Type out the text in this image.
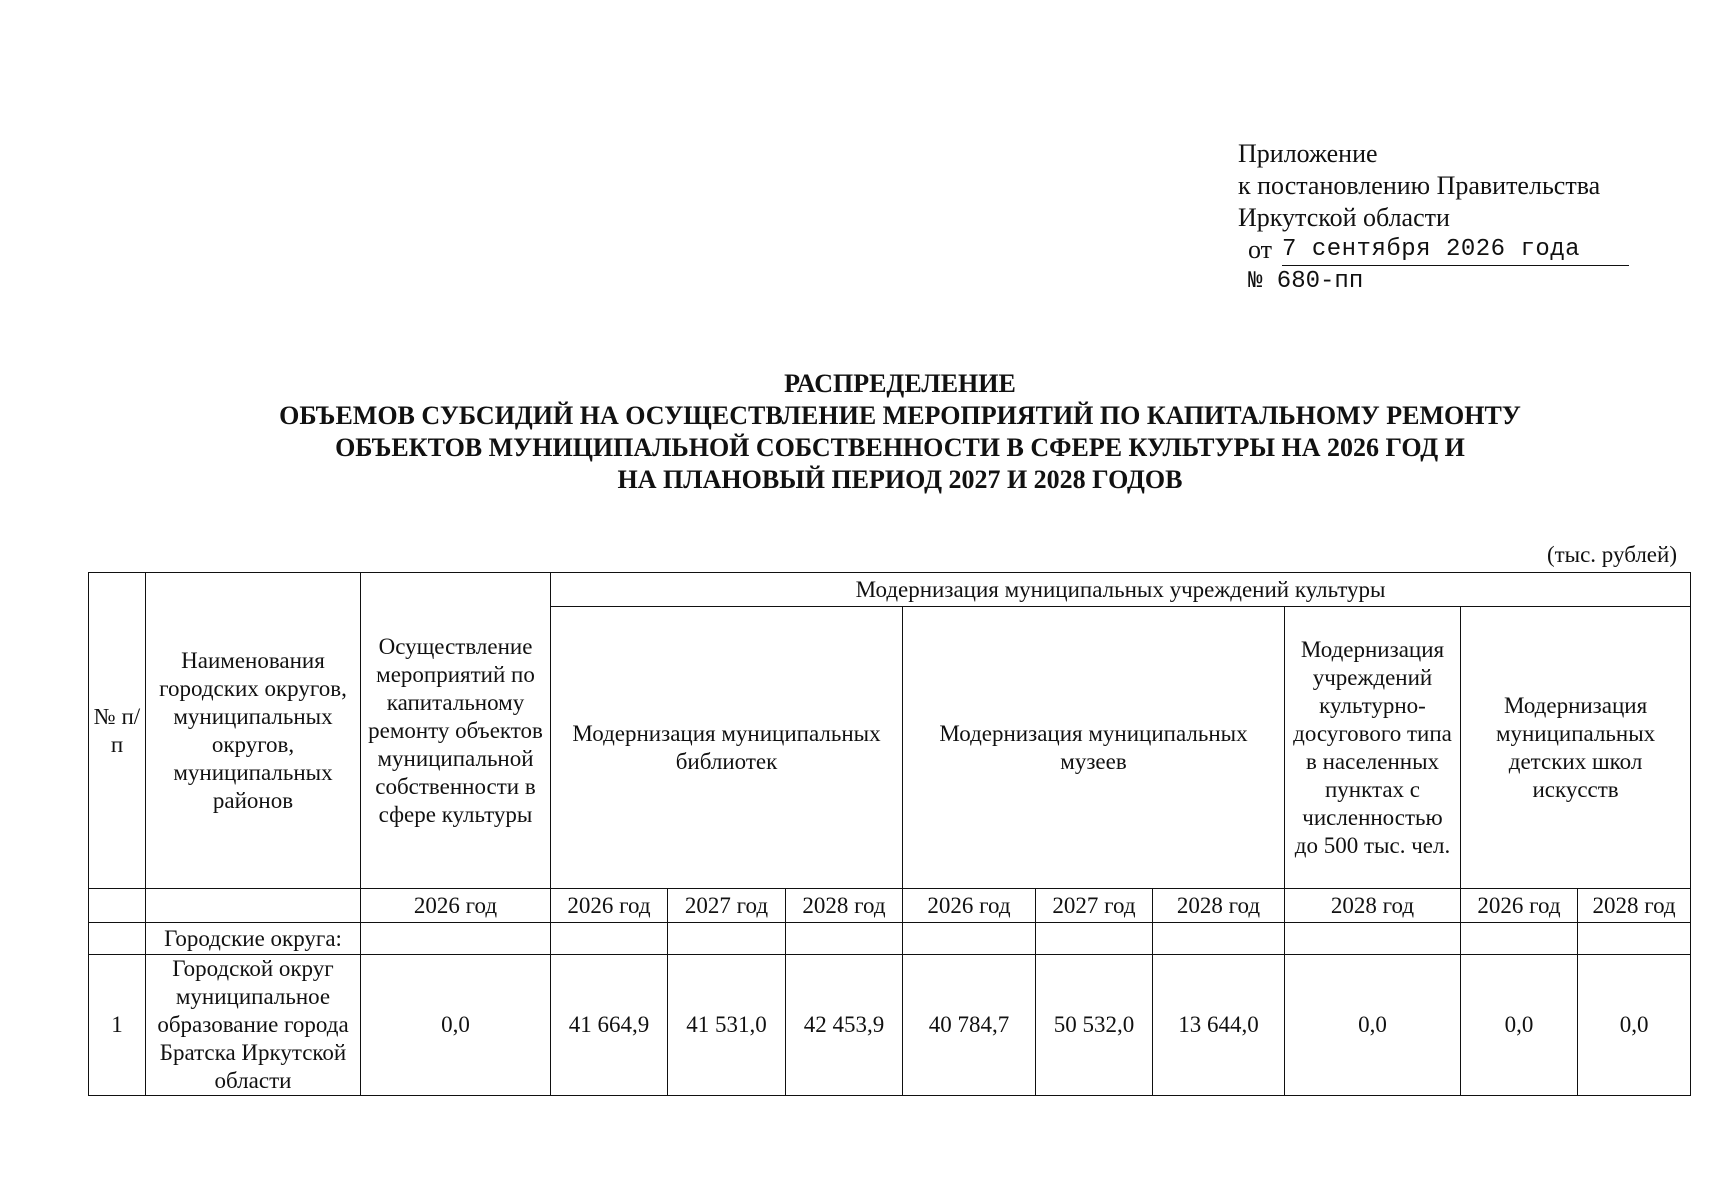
Приложение
к постановлению Правительства
Иркутской области
от 7 сентября 2026 года
№ 680-пп
РАСПРЕДЕЛЕНИЕ
ОБЪЕМОВ СУБСИДИЙ НА ОСУЩЕСТВЛЕНИЕ МЕРОПРИЯТИЙ ПО КАПИТАЛЬНОМУ РЕМОНТУ
ОБЪЕКТОВ МУНИЦИПАЛЬНОЙ СОБСТВЕННОСТИ В СФЕРЕ КУЛЬТУРЫ НА 2026 ГОД И
НА ПЛАНОВЫЙ ПЕРИОД 2027 И 2028 ГОДОВ
(тыс. рублей)
№ п/п	Наименования городских округов, муниципальных округов, муниципальных районов	Осуществление мероприятий по капитальному ремонту объектов муниципальной собственности в сфере культуры	Модернизация муниципальных учреждений культуры								
			Модернизация муниципальных библиотек			Модернизация муниципальных музеев			Модернизация учреждений культурно-досугового типа в населенных пунктах с численностью до 500 тыс. чел.	Модернизация муниципальных детских школ искусств	
		2026 год	2026 год	2027 год	2028 год	2026 год	2027 год	2028 год	2028 год	2026 год	2028 год
	Городские округа:										
1	Городской округ муниципальное образование города Братска Иркутской области	0,0	41 664,9	41 531,0	42 453,9	40 784,7	50 532,0	13 644,0	0,0	0,0	0,0
